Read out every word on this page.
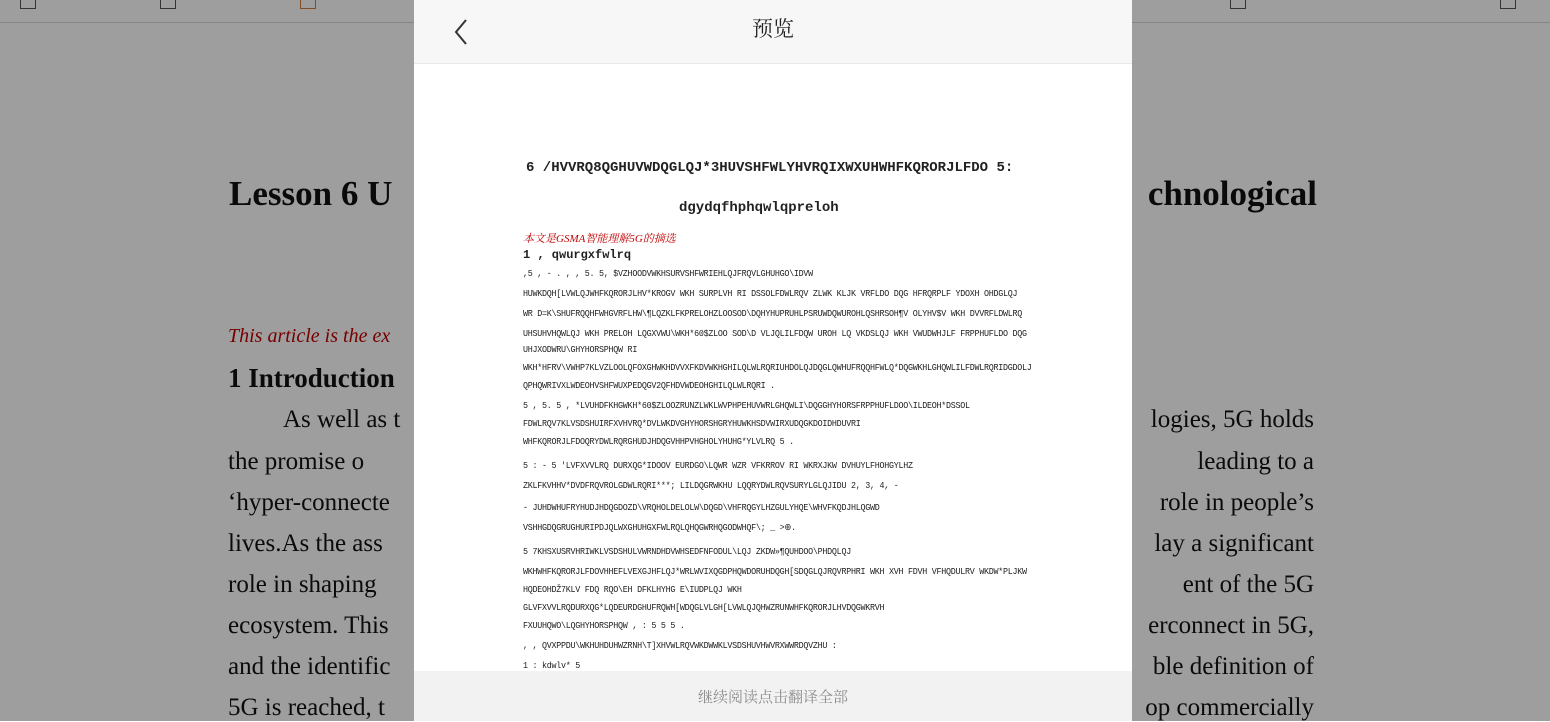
Lesson 6 U	chnological
This article is the ex
1 Introduction
As well as t
the promise o
‘hyper-connecte
lives.As the ass
role in shaping
ecosystem. This
and the identific
5G is reached, t
logies, 5G holds
leading to a
role in people’s
lay a significant
ent of the 5G
erconnect in 5G,
ble definition of
op commercially
预览
6 /HVVRQ8QGHUVWDQGLQJ*3HUVSHFWLYHVRQIXWXUHWHFKQRORJLFDO 5:
dgydqfhphqwlqpreloh
本文是GSMA智能理解5G的摘选
1 , qwurgxfwlrq
,5 , - . , , 5. 5, $VZHOODVWKHSURVSHFWRIEHLQJFRQVLGHUHGO\IDVW
HUWKDQH[LVWLQJWHFKQRORJLHV*KROGV WKH SURPLVH RI DSSOLFDWLRQV ZLWK KLJK VRFLDO DQG HFRQRPLF YDOXH OHDGLQJ
WR D=K\SHUFRQQHFWHGVRFLHW\¶LQZKLFKPRELOHZLOOSOD\DQHYHUPRUHLPSRUWDQWUROHLQSHRSOH¶V OLYHV$V WKH DVVRFLDWLRQ
UHSUHVHQWLQJ WKH PRELOH LQGXVWU\WKH*60$ZLOO SOD\D VLJQLILFDQW UROH LQ VKDSLQJ WKH VWUDWHJLF FRPPHUFLDO DQG
UHJXODWRU\GHYHORSPHQW RI
WKH*HFRV\VWHP7KLVZLOOLQFOXGHWKHDVVXFKDVWKHGHILQLWLRQRIUHDOLQJDQGLQWHUFRQQHFWLQ*DQGWKHLGHQWLILFDWLRQRIDGDOLJ
QPHQWRIVXLWDEOHVSHFWUXPEDQGV2QFHDVWDEOHGHILQLWLRQRI .
5 , 5. 5 , *LVUHDFKHGWKH*60$ZLOOZRUNZLWKLWVPHPEHUVWRLGHQWLI\DQGGHYHORSFRPPHUFLDOO\ILDEOH*DSSOL
FDWLRQV7KLVSDSHUIRFXVHVRQ*DVLWKDVGHYHORSHGRYHUWKHSDVWIRXUDQGKDOIDHDUVRI
WHFKQRORJLFDOQRYDWLRQRGHUDJHDQGVHHPVHGHOLYHUHG*YLVLRQ 5 .
5 : - 5 'LVFXVVLRQ DURXQG*IDOOV EURDGO\LQWR WZR VFKRROV RI WKRXJKW DVHUYLFHOHGYLHZ
ZKLFKVHHV*DVDFRQVROLGDWLRQRI***; LILDQGRWKHU LQQRYDWLRQVSURYLGLQJIDU 2, 3, 4, -
- JUHDWHUFRYHUDJHDQGDOZD\VRQHOLDELOLW\DQGD\VHFRQGYLHZGULYHQE\WHVFKQDJHLQGWD
VSHHGDQGRUGHURIPDJQLWXGHUHGXFWLRQLQHQGWRHQGODWHQF\; _ >⊕.
5 7KHSXUSRVHRIWKLVSDSHULVWRNDHDVWHSEDFNFODUL\LQJ ZKDW»¶QUHDOO\PHDQLQJ
WKHWHFKQRORJLFDOVHHEFLVEXGJHFLQJ*WRLWVIXQGDPHQWDORUHDQGH[SDQGLQJRQVRPHRI WKH XVH FDVH VFHQDULRV WKDW*PLJKW
HQDEOHDŽ7KLV FDQ RQO\EH DFKLHYHG E\IUDPLQJ WKH
GLVFXVVLRQDURXQG*LQDEURDGHUFRQWH[WDQGLVLGH[LVWLQJQHWZRUNWHFKQRORJLHVDQGWKRVH
FXUUHQWO\LQGHYHORSPHQW , : 5 5 5 .
, , QVXPPDU\WKHUHDUHWZRNH\T]XHVWLRQVWKDWWKLVSDSHUVHWVRXWWRDQVZHU :
1 : kdwlv* 5
继续阅读点击翻译全部
